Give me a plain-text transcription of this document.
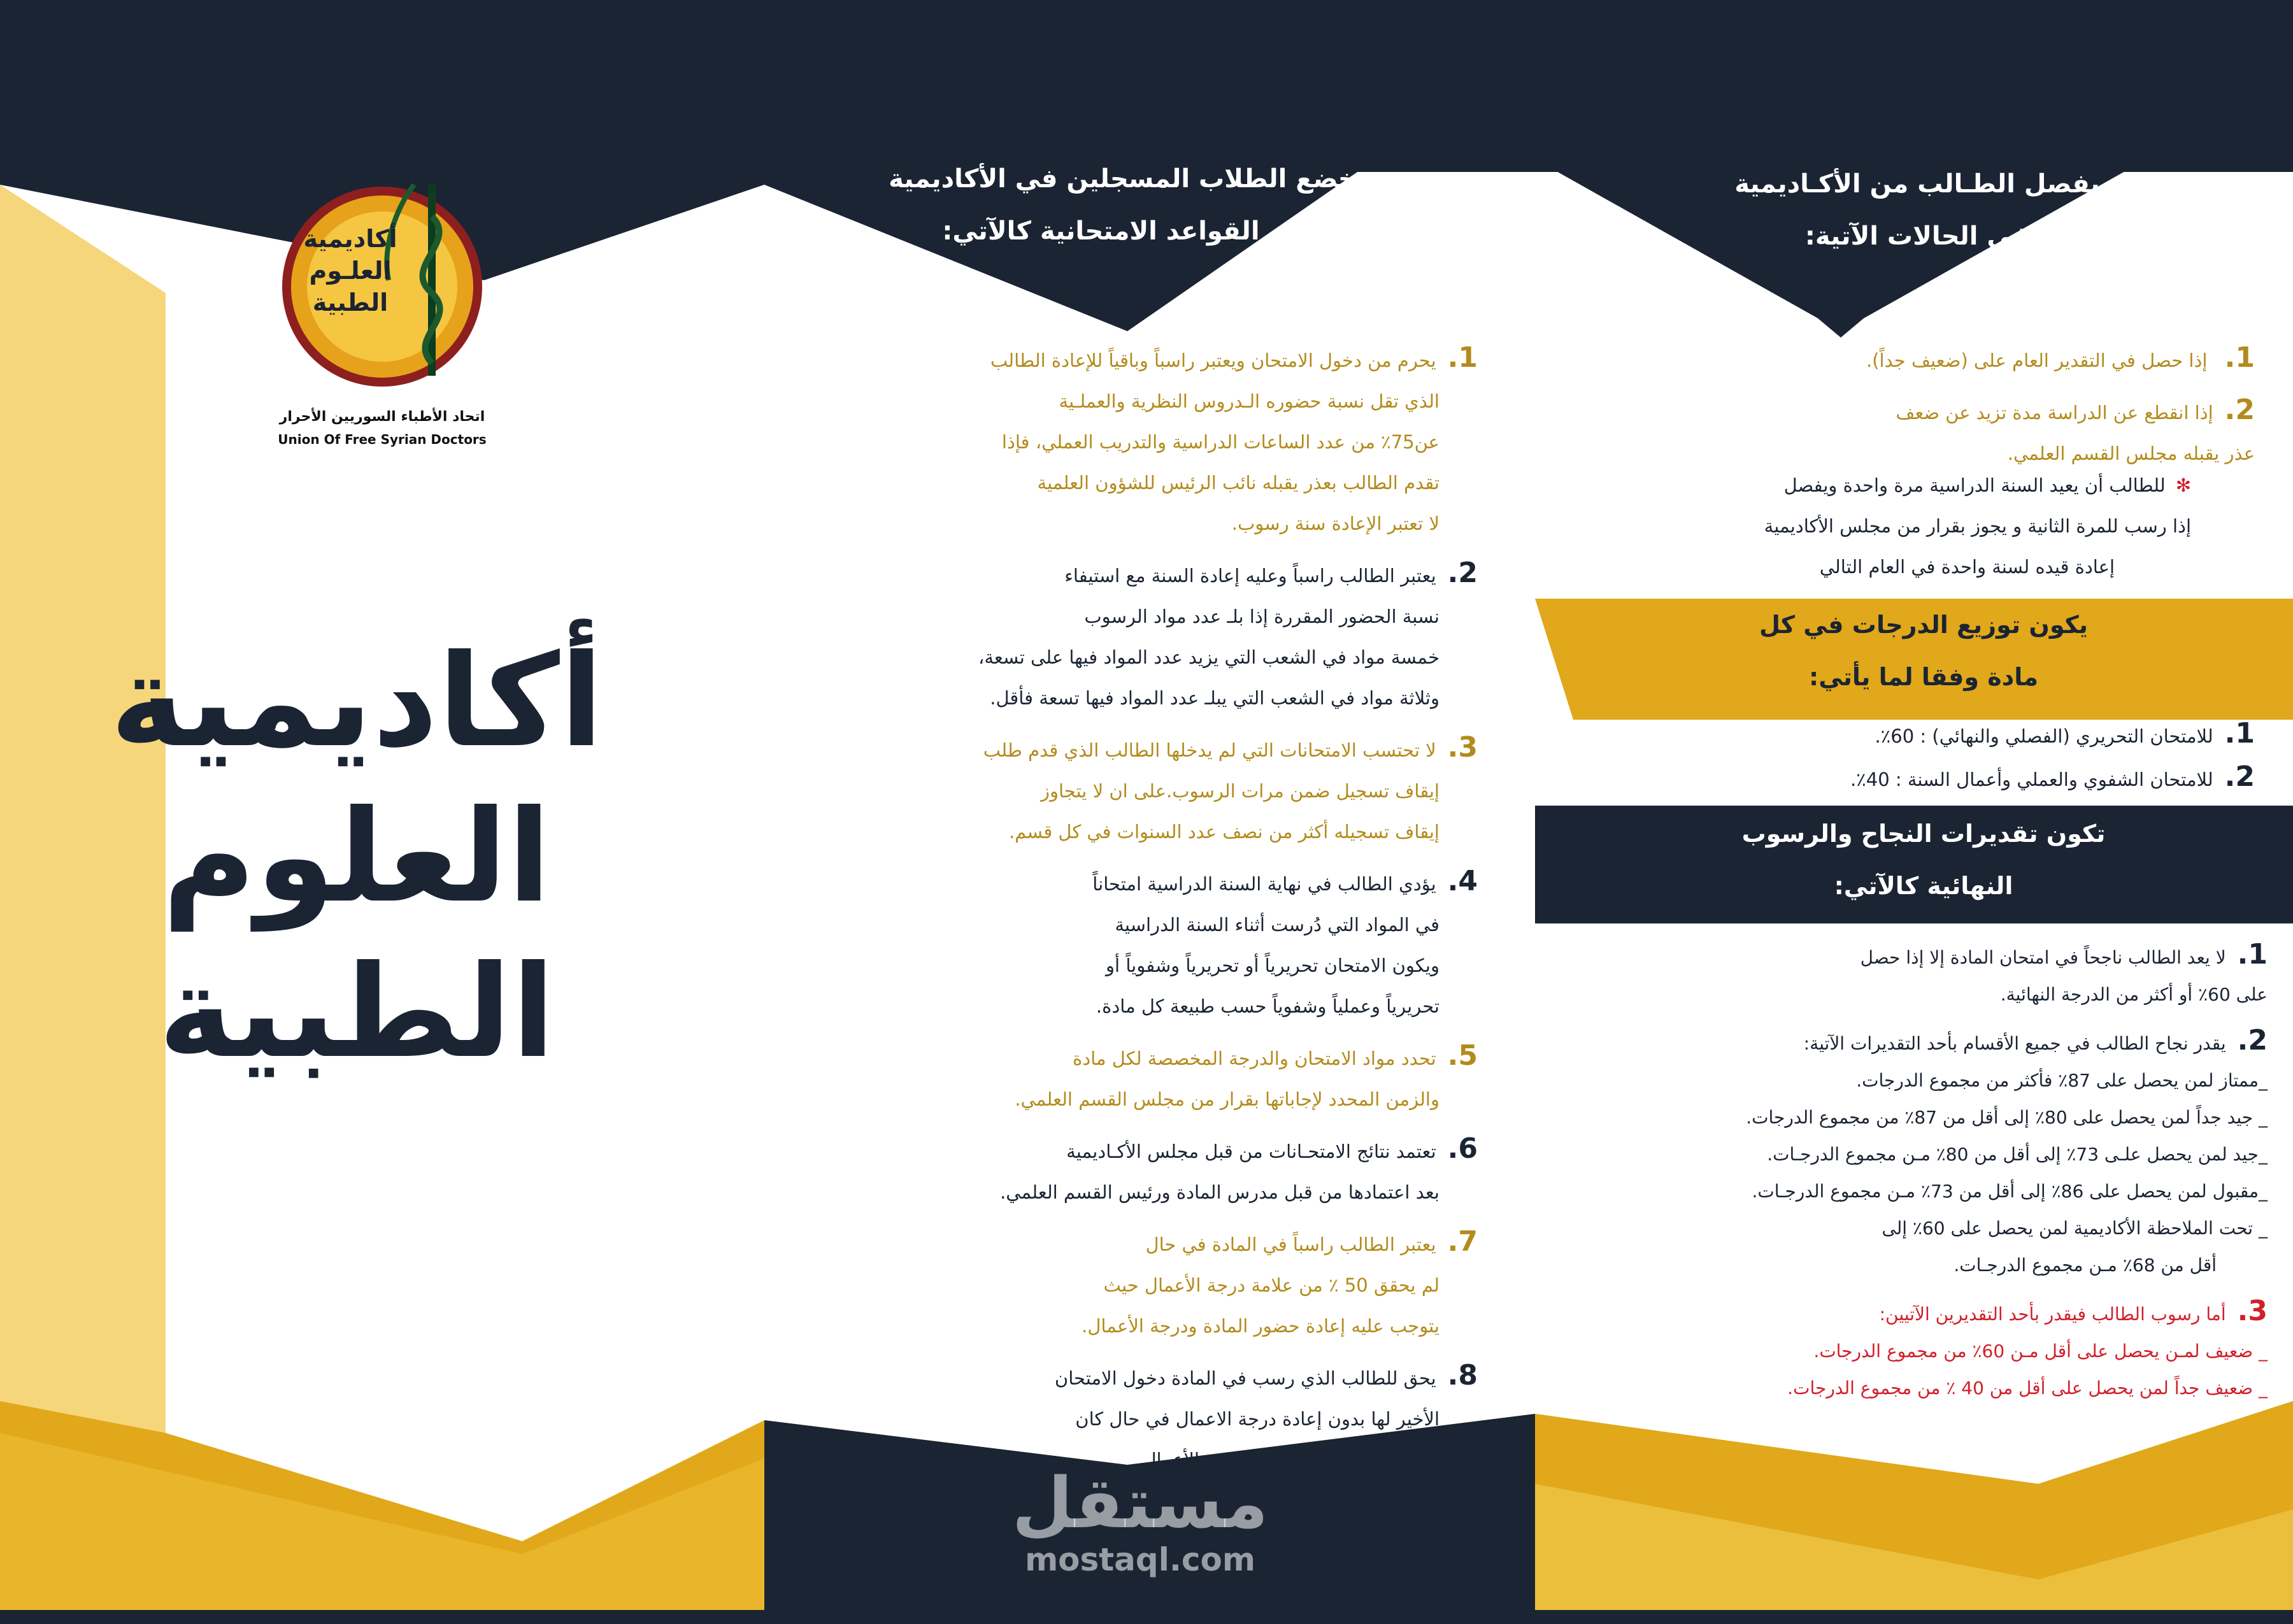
أكاديمية
العلـوم
الطبية
اتحاد الأطباء السوريين الأحرار
Union Of Free Syrian Doctors
أكاديمية
العلوم
الطبية
يخضع الطلاب المسجلين في الأكاديمية
إلى القواعد الامتحانية كالآتي:
1.يحرم من دخول الامتحان ويعتبر راسباً وباقياً للإعادة الطالب
الذي تقل نسبة حضوره الـدروس النظرية والعملـية
عن75٪ من عدد الساعات الدراسية والتدريب العملي، فإذا
تقدم الطالب بعذر يقبله نائب الرئيس للشؤون العلمية
لا تعتبر الإعادة سنة رسوب.
2.يعتبر الطالب راسباً وعليه إعادة السنة مع استيفاء
نسبة الحضور المقررة إذا بلـ عدد مواد الرسوب
خمسة مواد في الشعب التي يزيد عدد المواد فيها على تسعة،
وثلاثة مواد في الشعب التي يبلـ عدد المواد فيها تسعة فأقل.
3.لا تحتسب الامتحانات التي لم يدخلها الطالب الذي قدم طلب
إيقاف تسجيل ضمن مرات الرسوب.على ان لا يتجاوز
إيقاف تسجيله أكثر من نصف عدد السنوات في كل قسم.
4.يؤدي الطالب في نهاية السنة الدراسية امتحاناً
في المواد التي دُرست أثناء السنة الدراسية
ويكون الامتحان تحريرياً أو تحريرياً وشفوياً أو
تحريرياً وعملياً وشفوياً حسب طبيعة كل مادة.
5.تحدد مواد الامتحان والدرجة المخصصة لكل مادة
والزمن المحدد لإجاباتها بقرار من مجلس القسم العلمي.
6.تعتمد نتائج الامتحـانات من قبل مجلس الأكـاديمية
بعد اعتمادها من قبل مدرس المادة ورئيس القسم العلمي.
7.يعتبر الطالب راسباً في المادة في حال
لم يحقق 50 ٪ من علامة درجة الأعمال حيث
يتوجب عليه إعادة حضور المادة ودرجة الأعمال.
8.يحق للطالب الذي رسب في المادة دخول الامتحان
الأخير لها بدون إعادة درجة الاعمال في حال كان
حاصلاً على05٪ وأكثر من درجة الأعمال
يفصل الطـالب من الأكـاديمية
في الحالات الآتية:
1. إذا حصل في التقدير العام على (ضعيف جداً).
2.إذا انقطع عن الدراسة مدة تزيد عن ضعف
عذر يقبله مجلس القسم العلمي.
✻للطالب أن يعيد السنة الدراسية مرة واحدة ويفصل
إذا رسب للمرة الثانية و يجوز بقرار من مجلس الأكاديمية
إعادة قيده لسنة واحدة في العام التالي
يكون توزيع الدرجات في كل
مادة وفقا لما يأتي:
1.للامتحان التحريري (الفصلي والنهائي) : 60٪.
2.للامتحان الشفوي والعملي وأعمال السنة : 40٪.
تكون تقديرات النجاح والرسوب
النهائية كالآتي:
1.لا يعد الطالب ناجحاً في امتحان المادة إلا إذا حصل
على 60٪ أو أكثر من الدرجة النهائية.
2.يقدر نجاح الطالب في جميع الأقسام بأحد التقديرات الآتية:
_ممتاز لمن يحصل على 87٪ فأكثر من مجموع الدرجات.
_ جيد جداً لمن يحصل على 80٪ إلى أقل من 87٪ من مجموع الدرجات.
_جيد لمن يحصل علـى 73٪ إلى أقل من 80٪ مـن مجموع الدرجـات.
_مقبول لمن يحصل على 86٪ إلى أقل من 73٪ مـن مجموع الدرجـات.
_ تحت الملاحظة الأكاديمية لمن يحصل على 60٪ إلى
أقل من 68٪ مـن مجموع الدرجـات.
3.أما رسوب الطالب فيقدر بأحد التقديرين الآتيين:
_ ضعيف لمـن يحصل على أقل مـن 60٪ من مجموع الدرجات.
_ ضعيف جداً لمن يحصل على أقل من 40 ٪ من مجموع الدرجات.
مستقل
mostaql.com
